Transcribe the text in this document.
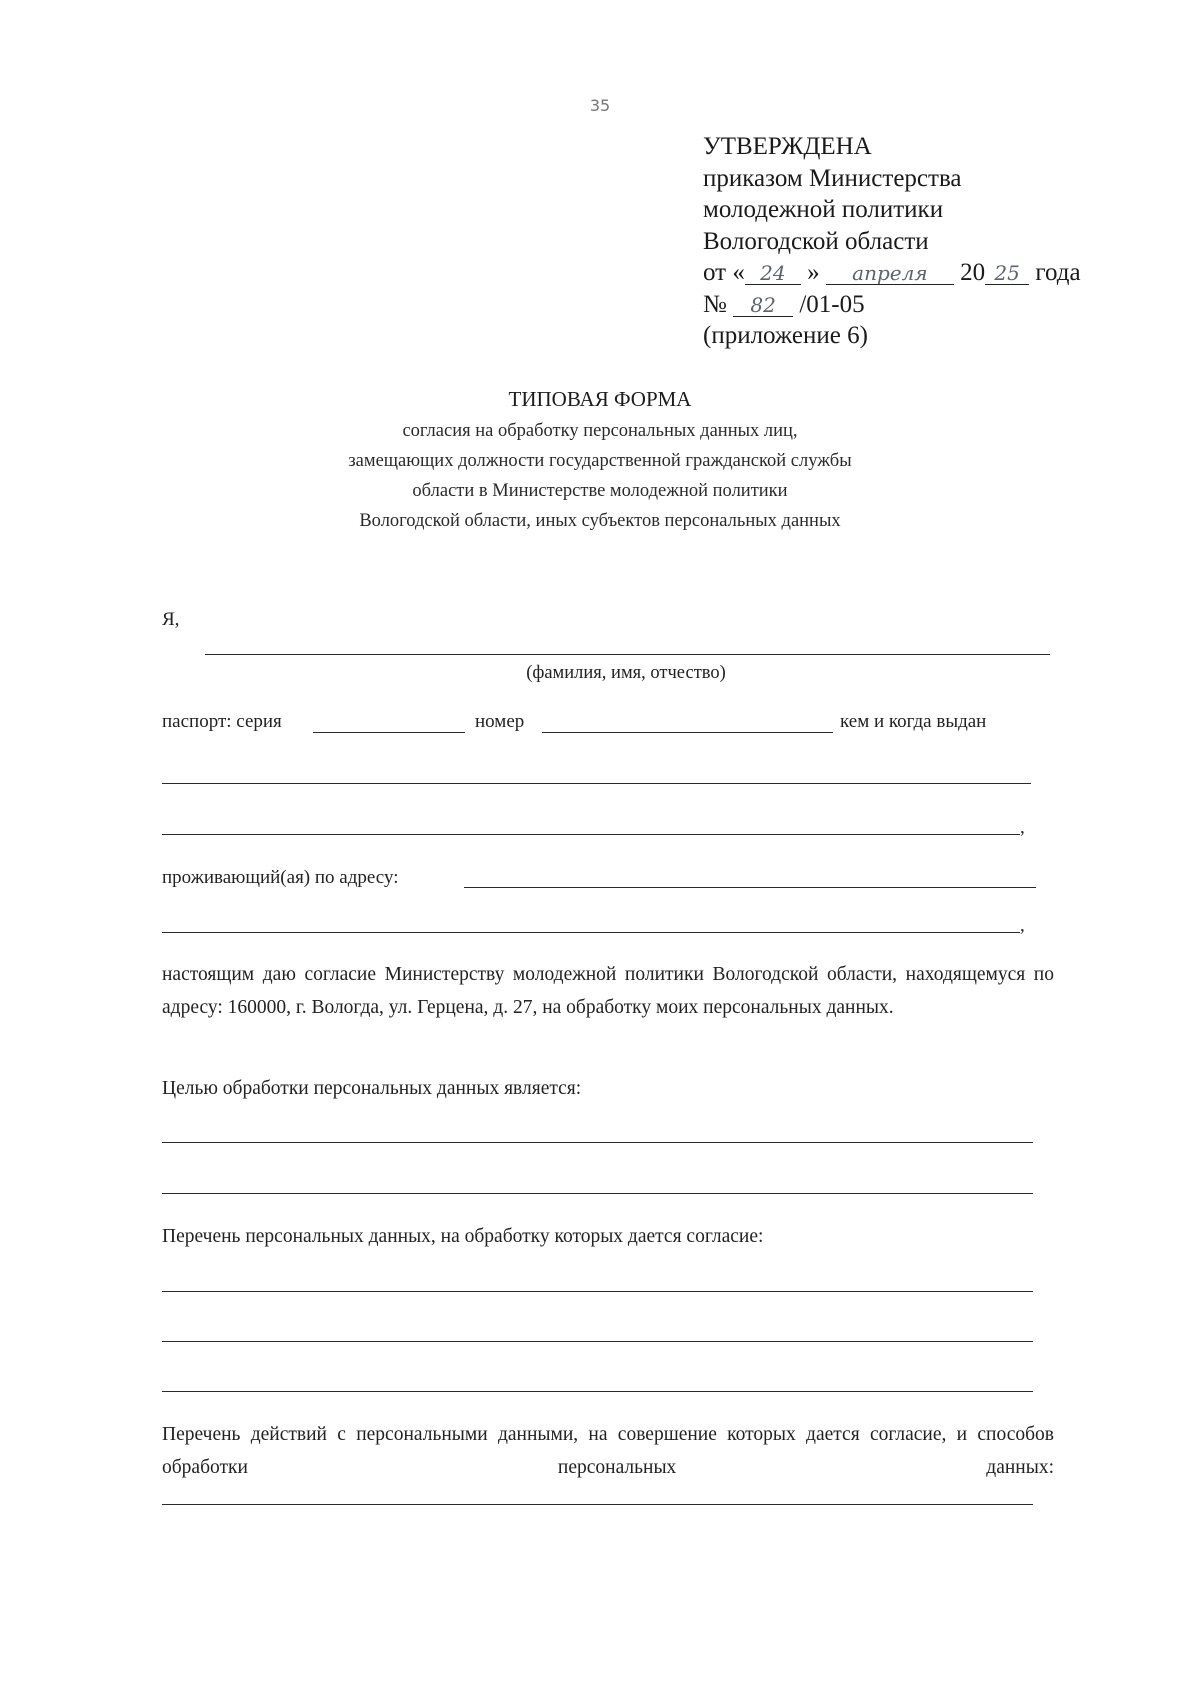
35
УТВЕРЖДЕНА
приказом Министерства
молодежной политики
Вологодской области
от « 24 » апреля 20 25 года
№ 82 /01-05
(приложение 6)
ТИПОВАЯ ФОРМА
согласия на обработку персональных данных лиц,
замещающих должности государственной гражданской службы
области в Министерстве молодежной политики
Вологодской области, иных субъектов персональных данных
Я,
(фамилия, имя, отчество)
паспорт: серия	номер	кем и когда выдан
,
проживающий(ая) по адресу:
,
настоящим даю согласие Министерству молодежной политики Вологодской области, находящемуся по адресу: 160000, г. Вологда, ул. Герцена, д. 27, на обработку моих персональных данных.
Целью обработки персональных данных является:
Перечень персональных данных, на обработку которых дается согласие:
Перечень действий с персональными данными, на совершение которых дается согласие, и способов обработки персональных данных:
